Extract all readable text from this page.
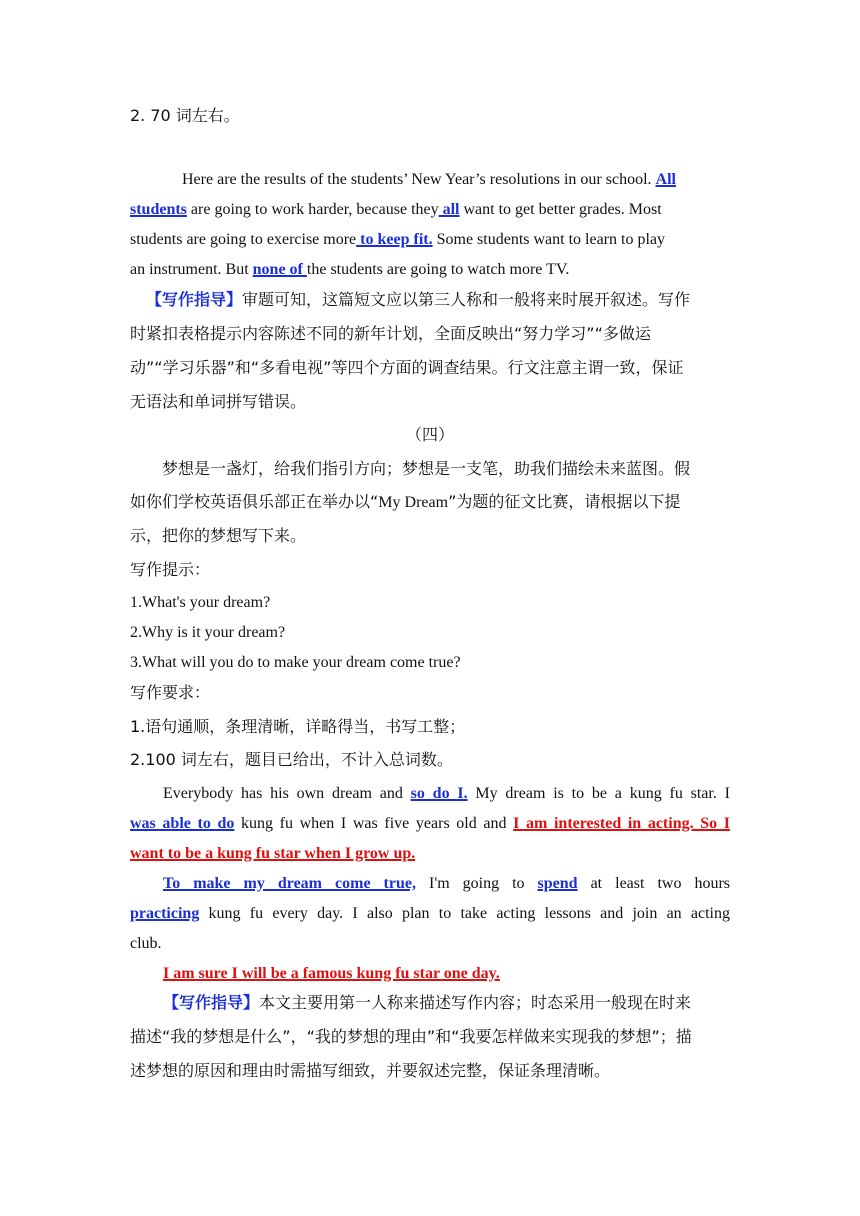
2. 70 词左右。
Here are the results of the students’ New Year’s resolutions in our school. All
students are going to work harder, because they all want to get better grades. Most
students are going to exercise more to keep fit. Some students want to learn to play
an instrument. But none of the students are going to watch more TV.
【写作指导】审题可知，这篇短文应以第三人称和一般将来时展开叙述。写作
时紧扣表格提示内容陈述不同的新年计划，全面反映出“努力学习”“多做运
动”“学习乐器”和“多看电视”等四个方面的调查结果。行文注意主谓一致，保证
无语法和单词拼写错误。
（四）
梦想是一盏灯，给我们指引方向；梦想是一支笔，助我们描绘未来蓝图。假
如你们学校英语俱乐部正在举办以“My Dream”为题的征文比赛，请根据以下提
示，把你的梦想写下来。
写作提示：
1.What's your dream?
2.Why is it your dream?
3.What will you do to make your dream come true?
写作要求：
1.语句通顺，条理清晰，详略得当，书写工整；
2.100 词左右，题目已给出，不计入总词数。
Everybody has his own dream and so do I. My dream is to be a kung fu star. I
was able to do kung fu when I was five years old and I am interested in acting. So I
want to be a kung fu star when I grow up.
To make my dream come true, I'm going to spend at least two hours
practicing kung fu every day. I also plan to take acting lessons and join an acting
club.
I am sure I will be a famous kung fu star one day.
【写作指导】本文主要用第一人称来描述写作内容；时态采用一般现在时来
描述“我的梦想是什么”，“我的梦想的理由”和“我要怎样做来实现我的梦想”；描
述梦想的原因和理由时需描写细致，并要叙述完整，保证条理清晰。
